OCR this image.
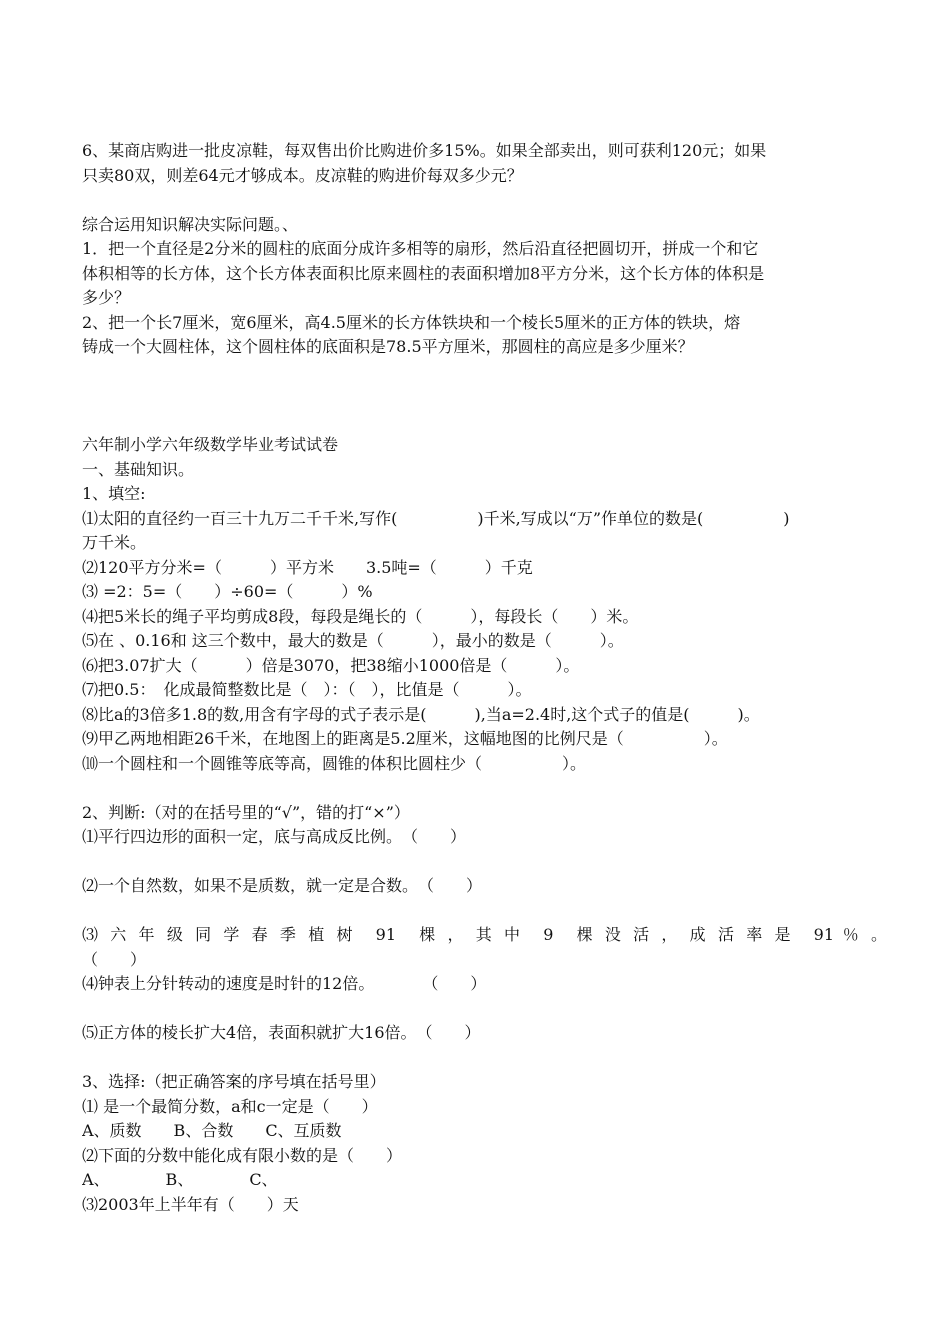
6、某商店购进一批皮凉鞋，每双售出价比购进价多15%。如果全部卖出，则可获利120元；如果

只卖80双，则差64元才够成本。皮凉鞋的购进价每双多少元？

综合运用知识解决实际问题。、

1．把一个直径是2分米的圆柱的底面分成许多相等的扇形，然后沿直径把圆切开，拼成一个和它

体积相等的长方体，这个长方体表面积比原来圆柱的表面积增加8平方分米，这个长方体的体积是

多少？

2、把一个长7厘米，宽6厘米，高4.5厘米的长方体铁块和一个棱长5厘米的正方体的铁块，熔

铸成一个大圆柱体，这个圆柱体的底面积是78.5平方厘米，那圆柱的高应是多少厘米？

六年制小学六年级数学毕业考试试卷

一、基础知识。

1、填空:

⑴太阳的直径约一百三十九万二千千米,写作(　　　　　)千米,写成以“万”作单位的数是(　　　　　)

万千米。

⑵120平方分米=（　　　）平方米　　3.5吨=（　　　）千克

⑶ =2：5=（　　）÷60=（　　　）%

⑷把5米长的绳子平均剪成8段，每段是绳长的（　　　），每段长（　　）米。

⑸在 、0.16和 这三个数中，最大的数是（　　　），最小的数是（　　　）。

⑹把3.07扩大（　　　）倍是3070，把38缩小1000倍是（　　　）。

⑺把0.5：　化成最简整数比是（　）：（　），比值是（　　　）。

⑻比a的3倍多1.8的数,用含有字母的式子表示是(　　　),当a=2.4时,这个式子的值是(　　　)。

⑼甲乙两地相距26千米，在地图上的距离是5.2厘米，这幅地图的比例尺是（　　　　　）。

⑽一个圆柱和一个圆锥等底等高，圆锥的体积比圆柱少（　　　　　）。

2、判断:（对的在括号里的“√”，错的打“×”）

⑴平行四边形的面积一定，底与高成反比例。　（　　）

⑵一个自然数，如果不是质数，就一定是合数。　（　　）

⑶ 六 年 级 同 学 春 季 植 树　91　棵 ， 其 中　9　棵 没 活 ， 成 活 率 是　91 ％ 。

（　　）

⑷钟表上分针转动的速度是时针的12倍。　　　　（　　）

⑸正方体的棱长扩大4倍，表面积就扩大16倍。　（　　）

3、选择:（把正确答案的序号填在括号里）

⑴ 是一个最简分数，a和c一定是（　　）

A、质数　　B、合数　　C、互质数

⑵下面的分数中能化成有限小数的是（　　）

A、　　　　B、　　　　C、

⑶2003年上半年有（　　）天
